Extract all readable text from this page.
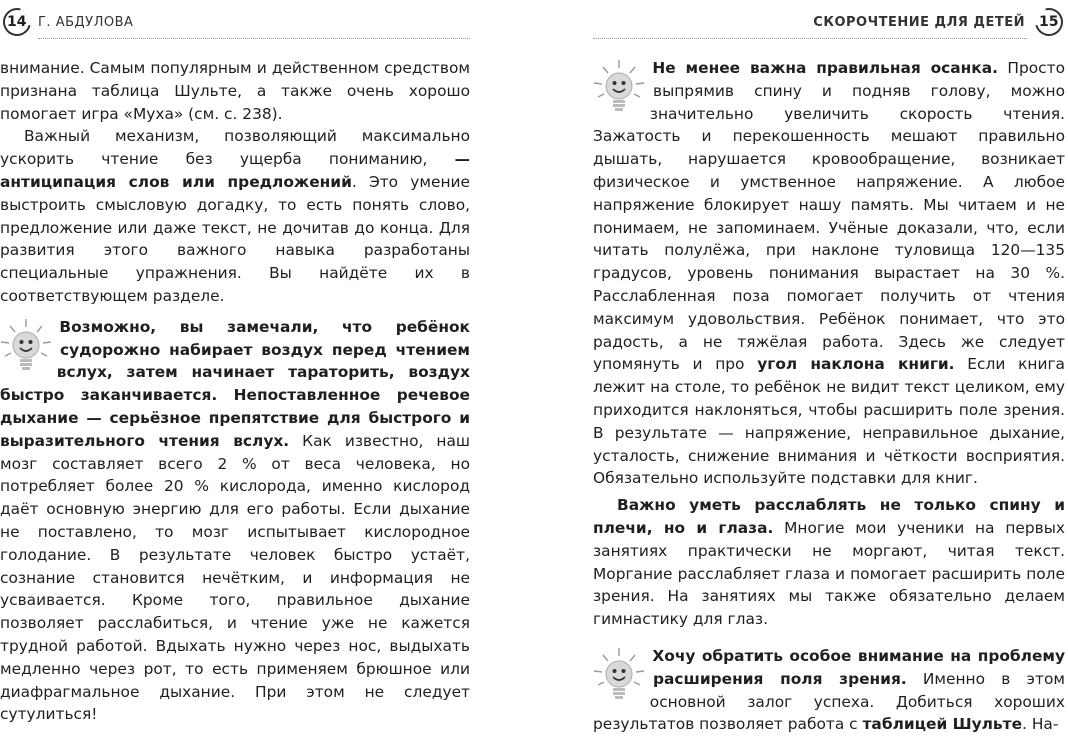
14 Г. АБДУЛОВА

внимание. Самым популярным и действенном средством признана таблица Шульте, а также очень хорошо помогает игра «Муха» (см. с. 238).

Важный механизм, позволяющий максимально ускорить чтение без ущерба пониманию, — антиципация слов или предложений. Это умение выстроить смысловую догадку, то есть понять слово, предложение или даже текст, не дочитав до конца. Для развития этого важного навыка разработаны специальные упражнения. Вы найдёте их в соответствующем разделе.

Возможно, вы замечали, что ребёнок судорожно набирает воздух перед чтением вслух, затем начинает тараторить, воздух быстро заканчивается. Непоставленное речевое дыхание — серьёзное препятствие для быстрого и выразительного чтения вслух. Как известно, наш мозг составляет всего 2 % от веса человека, но потребляет более 20 % кислорода, именно кислород даёт основную энергию для его работы. Если дыхание не поставлено, то мозг испытывает кислородное голодание. В результате человек быстро устаёт, сознание становится нечётким, и информация не усваивается. Кроме того, правильное дыхание позволяет расслабиться, и чтение уже не кажется трудной работой. Вдыхать нужно через нос, выдыхать медленно через рот, то есть применяем брюшное или диафрагмальное дыхание. При этом не следует сутулиться!

СКОРОЧТЕНИЕ ДЛЯ ДЕТЕЙ 15

Не менее важна правильная осанка. Просто выпрямив спину и подняв голову, можно значительно увеличить скорость чтения. Зажатость и перекошенность мешают правильно дышать, нарушается кровообращение, возникает физическое и умственное напряжение. А любое напряжение блокирует нашу память. Мы читаем и не понимаем, не запоминаем. Учёные доказали, что, если читать полулёжа, при наклоне туловища 120—135 градусов, уровень понимания вырастает на 30 %. Расслабленная поза помогает получить от чтения максимум удовольствия. Ребёнок понимает, что это радость, а не тяжёлая работа. Здесь же следует упомянуть и про угол наклона книги. Если книга лежит на столе, то ребёнок не видит текст целиком, ему приходится наклоняться, чтобы расширить поле зрения. В результате — напряжение, неправильное дыхание, усталость, снижение внимания и чёткости восприятия. Обязательно используйте подставки для книг.

Важно уметь расслаблять не только спину и плечи, но и глаза. Многие мои ученики на первых занятиях практически не моргают, читая текст. Моргание расслабляет глаза и помогает расширить поле зрения. На занятиях мы также обязательно делаем гимнастику для глаз.

Хочу обратить особое внимание на проблему расширения поля зрения. Именно в этом основной залог успеха. Добиться хороших результатов позволяет работа с таблицей Шульте. На-
